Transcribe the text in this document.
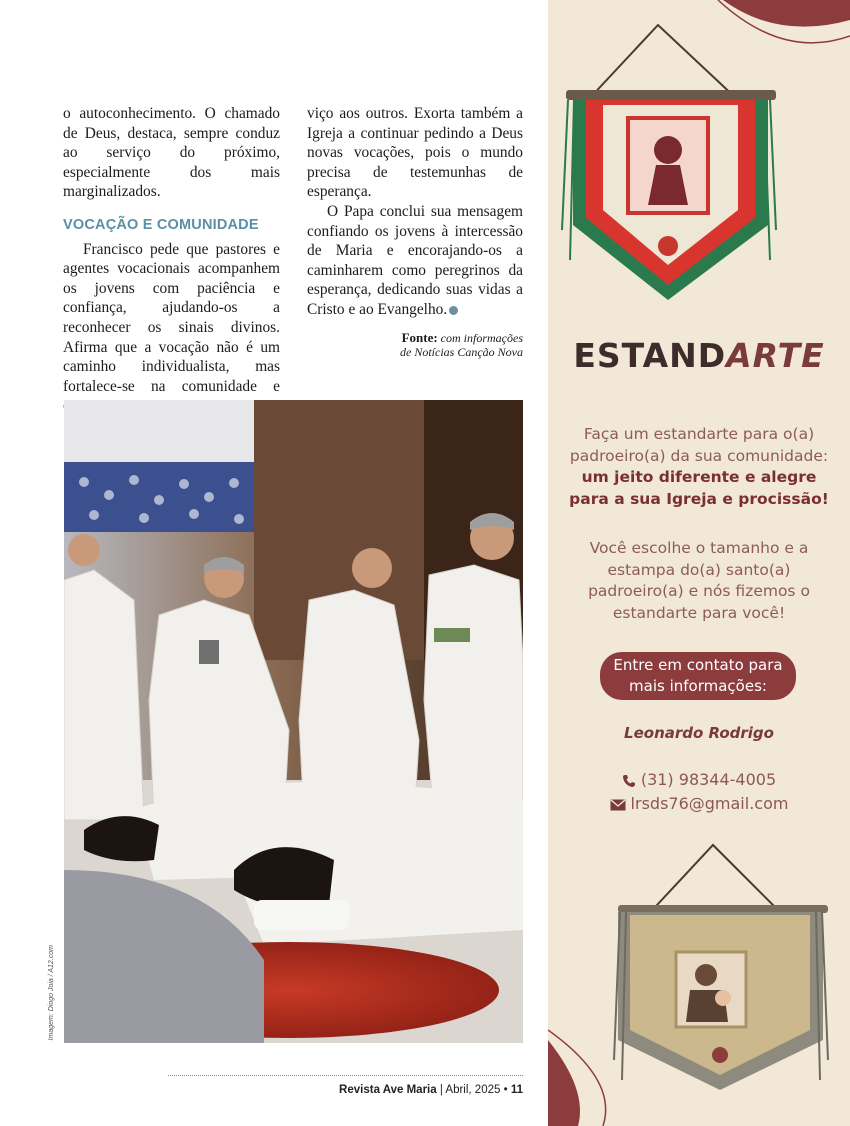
o autoconhecimento. O chamado de Deus, destaca, sempre conduz ao serviço do próximo, especialmente dos mais marginalizados.

VOCAÇÃO E COMUNIDADE

Francisco pede que pastores e agentes vocacionais acompanhem os jovens com paciência e confiança, ajudando-os a reconhecer os sinais divinos. Afirma que a vocação não é um caminho individualista, mas fortalece-se na comunidade e

viço aos outros. Exorta também a Igreja a continuar pedindo a Deus novas vocações, pois o mundo precisa de testemunhas de esperança.

O Papa conclui sua mensagem confiando os jovens à intercessão de Maria e encorajando-os a caminharem como peregrinos da esperança, dedicando suas vidas a Cristo e ao Evangelho.

Fonte: com informações
de Notícias Canção Nova
Imagem: Diogo Joia / A12.com
Revista Ave Maria | Abril, 2025 • 11
ESTANDARTE
Faça um estandarte para o(a) padroeiro(a) da sua comunidade:
um jeito diferente e alegre para a sua Igreja e procissão!
Você escolhe o tamanho e a estampa do(a) santo(a) padroeiro(a) e nós fizemos o estandarte para você!
Entre em contato para
mais informações:
Leonardo Rodrigo
(31) 98344-4005
lrsds76@gmail.com
